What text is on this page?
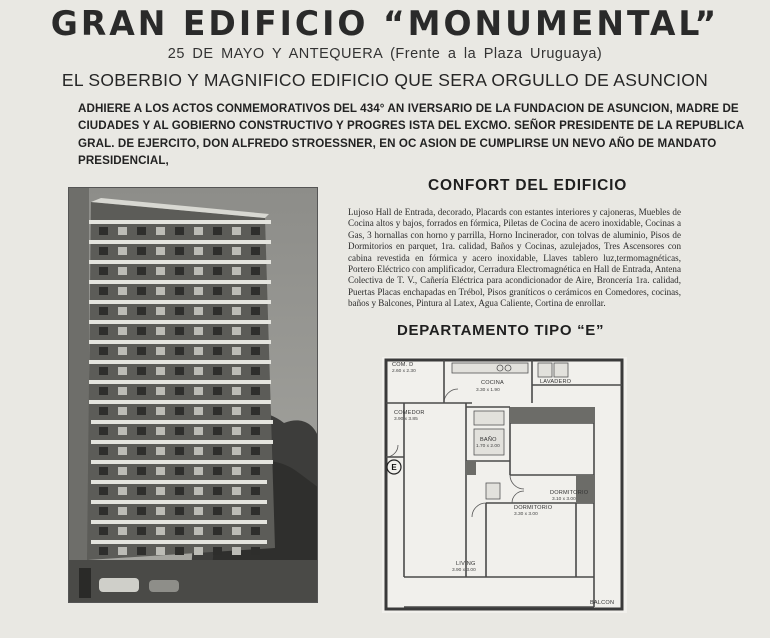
GRAN EDIFICIO “MONUMENTAL”
25 DE MAYO Y ANTEQUERA (Frente a la Plaza Uruguaya)
EL SOBERBIO Y MAGNIFICO EDIFICIO QUE SERA ORGULLO DE ASUNCION
ADHIERE A LOS ACTOS CONMEMORATIVOS DEL 434° AN IVERSARIO DE LA FUNDACION DE ASUNCION, MADRE DE
CIUDADES Y AL GOBIERNO CONSTRUCTIVO Y PROGRES ISTA DEL EXCMO. SEÑOR PRESIDENTE DE LA REPUBLICA
GRAL. DE EJERCITO, DON ALFREDO STROESSNER, EN OC ASION DE CUMPLIRSE UN NEVO AÑO DE MANDATO
PRESIDENCIAL,
CONFORT DEL EDIFICIO
Lujoso Hall de Entrada, decorado, Placards con estantes interiores y cajoneras, Muebles de Cocina altos y bajos, forrados en fórmica, Piletas de Cocina de acero inoxidable, Cocinas a Gas, 3 hornallas con horno y parrilla, Horno Incinerador, con tolvas de aluminio, Pisos de Dormitorios en parquet, 1ra. calidad, Baños y Cocinas, azulejados, Tres Ascensores con cabina revestida en fórmica y acero inoxidable, Llaves tablero luz,termomagnéticas, Portero Eléctrico con amplificador, Cerradura Electromagnética en Hall de Entrada, Antena Colectiva de T. V., Cañería Eléctrica para acondicionador de Aire, Broncería 1ra. calidad, Puertas Placas enchapadas en Trébol, Pisos graníticos o cerámicos en Comedores, cocinas, baños y Balcones, Pintura al Latex, Agua Caliente, Cortina de enrollar.
DEPARTAMENTO TIPO “E”
E
COM. D
2.60 x 2.30
COCINA
3.30 x 1.90
LAVADERO
COMEDOR
3.90 x 3.85
BAÑO
1.70 x 2.00
DORMITORIO
3.10 x 3.00
DORMITORIO
3.30 x 3.00
LIVING
3.90 x 3.00
BALCON
